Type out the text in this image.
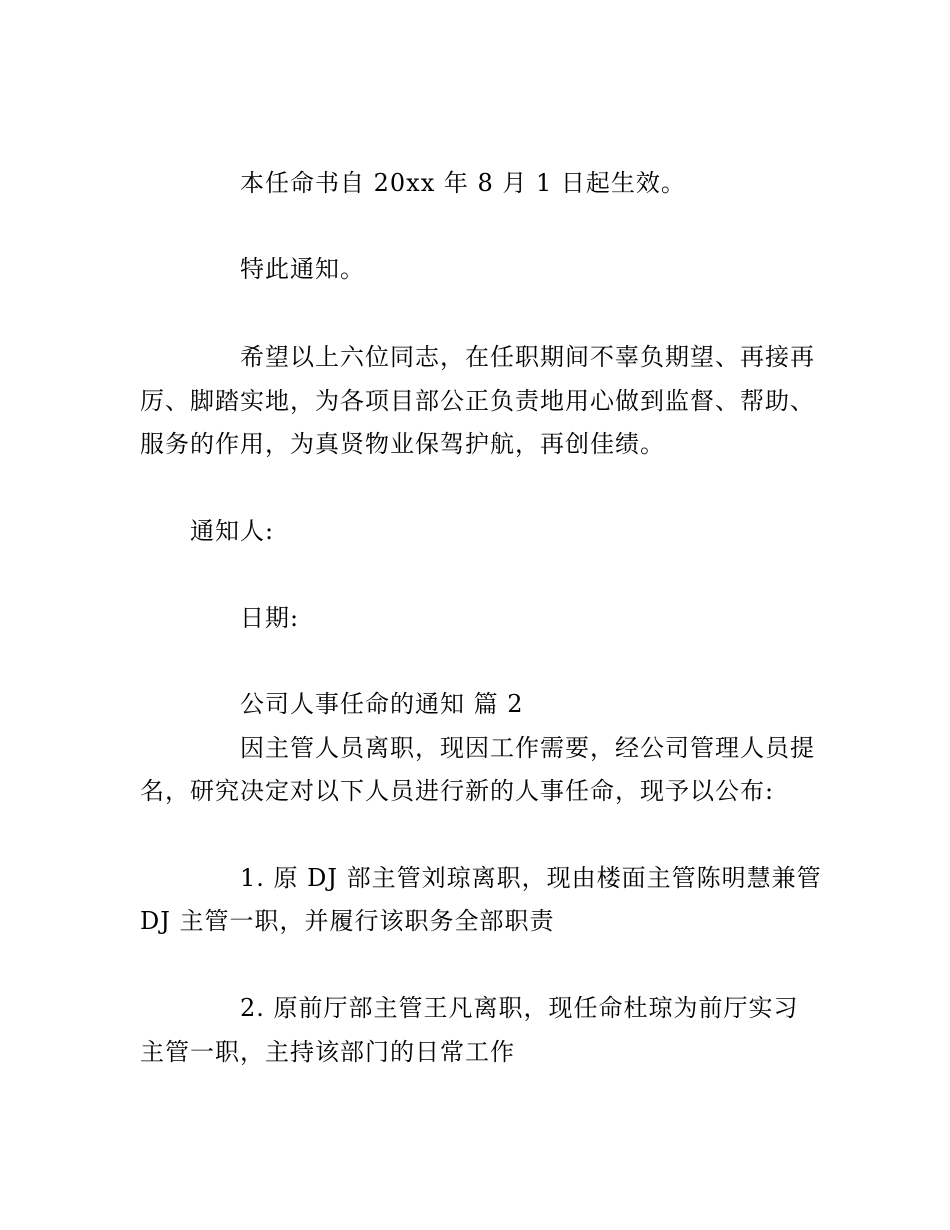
本任命书自 20xx 年 8 月 1 日起生效。
特此通知。
希望以上六位同志，在任职期间不辜负期望、再接再
厉、脚踏实地，为各项目部公正负责地用心做到监督、帮助、
服务的作用，为真贤物业保驾护航，再创佳绩。
通知人:
日期:
公司人事任命的通知 篇 2
因主管人员离职，现因工作需要，经公司管理人员提
名，研究决定对以下人员进行新的人事任命，现予以公布:
1. 原 DJ 部主管刘琼离职，现由楼面主管陈明慧兼管
DJ 主管一职，并履行该职务全部职责
2. 原前厅部主管王凡离职，现任命杜琼为前厅实习
主管一职，主持该部门的日常工作
